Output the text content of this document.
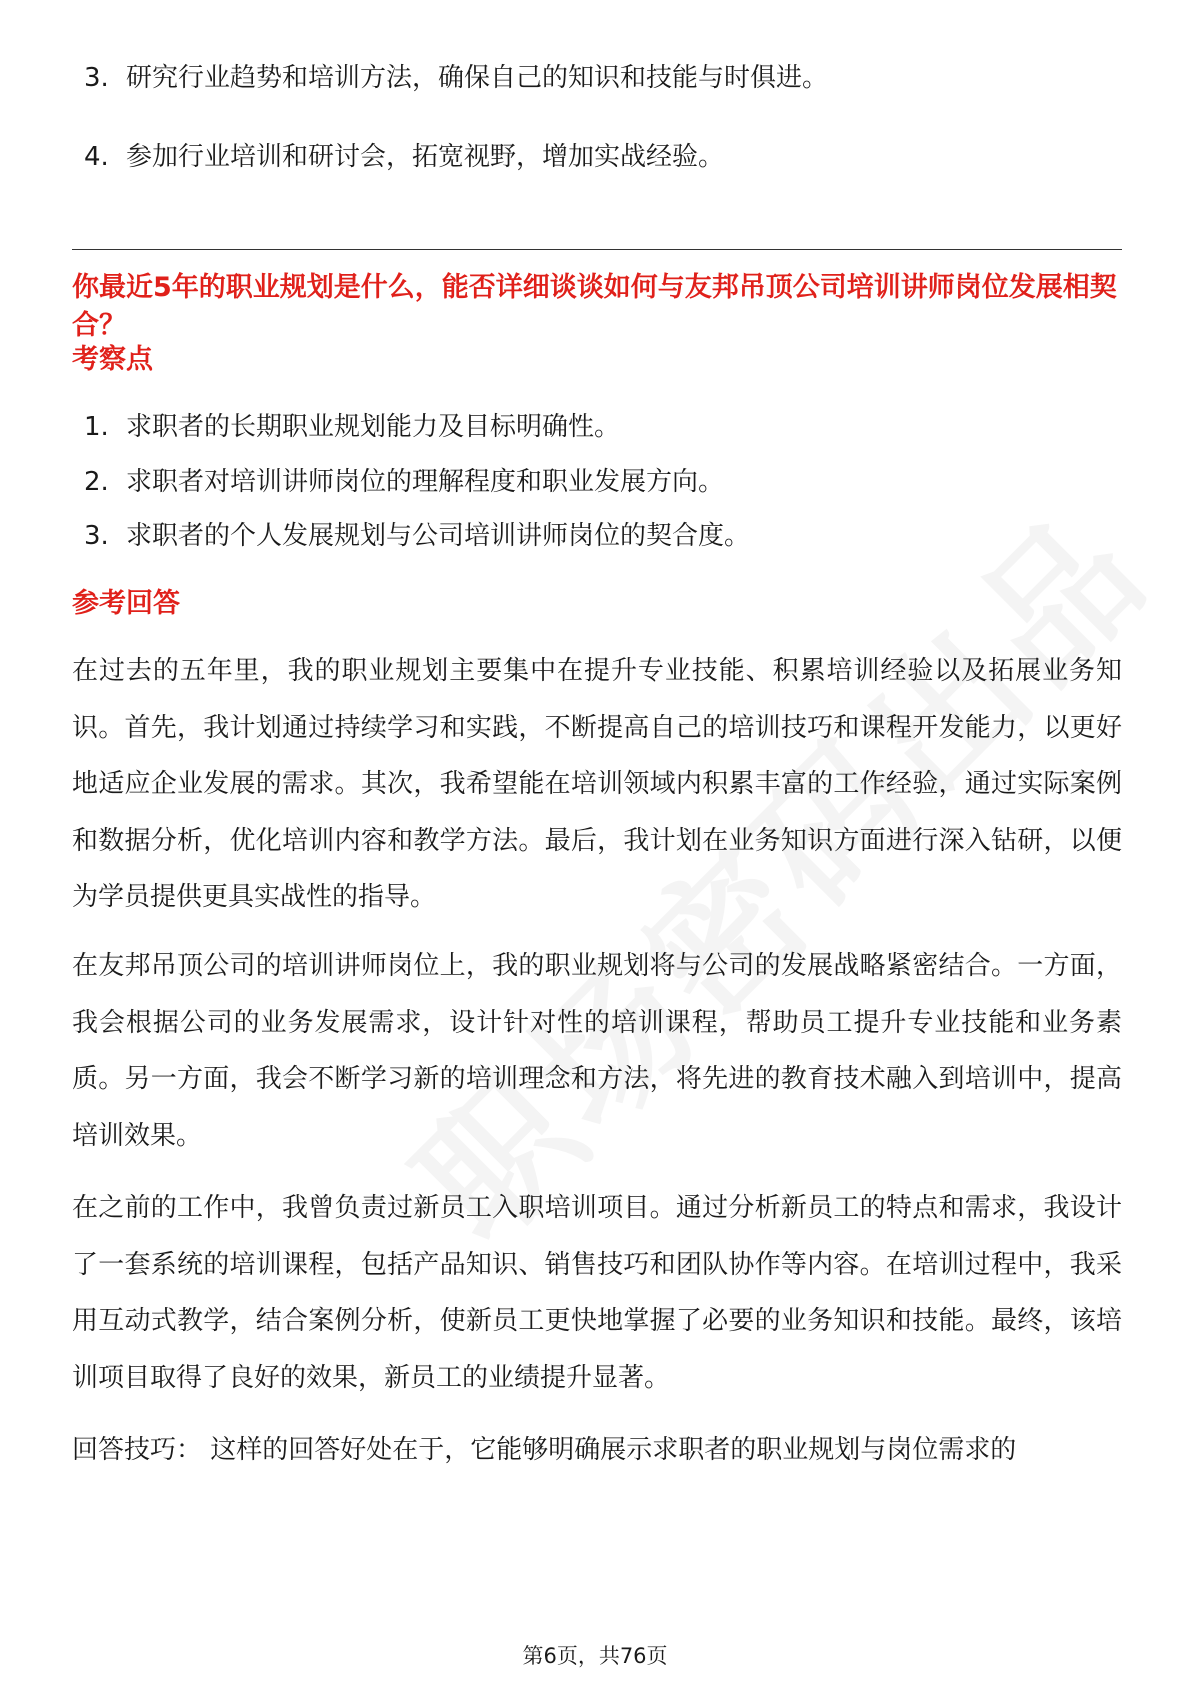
3. 研究行业趋势和培训方法，确保自己的知识和技能与时俱进。
4. 参加行业培训和研讨会，拓宽视野，增加实战经验。
你最近5年的职业规划是什么，能否详细谈谈如何与友邦吊顶公司培训讲师岗位发展相契合？
考察点
1. 求职者的长期职业规划能力及目标明确性。
2. 求职者对培训讲师岗位的理解程度和职业发展方向。
3. 求职者的个人发展规划与公司培训讲师岗位的契合度。
参考回答

在过去的五年里，我的职业规划主要集中在提升专业技能、积累培训经验以及拓展业务知识。首先，我计划通过持续学习和实践，不断提高自己的培训技巧和课程开发能力，以更好地适应企业发展的需求。其次，我希望能在培训领域内积累丰富的工作经验，通过实际案例和数据分析，优化培训内容和教学方法。最后，我计划在业务知识方面进行深入钻研，以便为学员提供更具实战性的指导。

在友邦吊顶公司的培训讲师岗位上，我的职业规划将与公司的发展战略紧密结合。一方面，我会根据公司的业务发展需求，设计针对性的培训课程，帮助员工提升专业技能和业务素质。另一方面，我会不断学习新的培训理念和方法，将先进的教育技术融入到培训中，提高培训效果。

在之前的工作中，我曾负责过新员工入职培训项目。通过分析新员工的特点和需求，我设计了一套系统的培训课程，包括产品知识、销售技巧和团队协作等内容。在培训过程中，我采用互动式教学，结合案例分析，使新员工更快地掌握了必要的业务知识和技能。最终，该培训项目取得了良好的效果，新员工的业绩提升显著。

回答技巧： 这样的回答好处在于，它能够明确展示求职者的职业规划与岗位需求的

第6页，共76页
